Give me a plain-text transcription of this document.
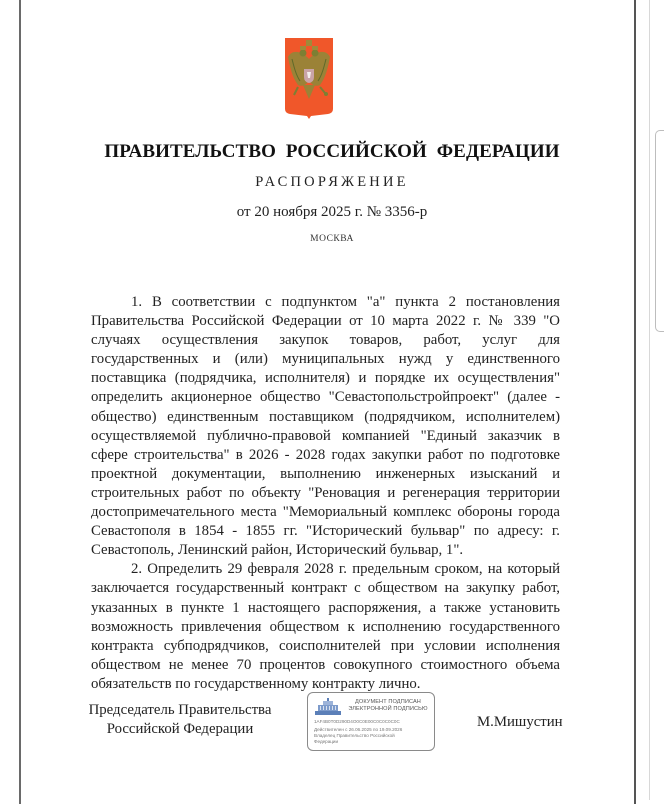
ПРАВИТЕЛЬСТВО РОССИЙСКОЙ ФЕДЕРАЦИИ
РАСПОРЯЖЕНИЕ
от 20 ноября 2025 г. № 3356-р
МОСКВА

1. В соответствии с подпунктом "а" пункта 2 постановления Правительства Российской Федерации от 10 марта 2022 г. № 339 "О случаях осуществления закупок товаров, работ, услуг для государственных и (или) муниципальных нужд у единственного поставщика (подрядчика, исполнителя) и порядке их осуществления" определить акционерное общество "Севастопольстройпроект" (далее - общество) единственным поставщиком (подрядчиком, исполнителем) осуществляемой публично-правовой компанией "Единый заказчик в сфере строительства" в 2026 - 2028 годах закупки работ по подготовке проектной документации, выполнению инженерных изысканий и строительных работ по объекту "Реновация и регенерация территории достопримечательного места "Мемориальный комплекс обороны города Севастополя в 1854 - 1855 гг. "Исторический бульвар" по адресу: г. Севастополь, Ленинский район, Исторический бульвар, 1".

2. Определить 29 февраля 2028 г. предельным сроком, на который заключается государственный контракт с обществом на закупку работ, указанных в пункте 1 настоящего распоряжения, а также установить возможность привлечения обществом к исполнению государственного контракта субподрядчиков, соисполнителей при условии исполнения обществом не менее 70 процентов совокупного стоимостного объема обязательств по государственному контракту лично.

Председатель Правительства
Российской Федерации
ДОКУМЕНТ ПОДПИСАН
ЭЛЕКТРОННОЙ ПОДПИСЬЮ
1АF4В0Т0D290D4О0С0Е00С0С0С0С0С
Действителен с 26.06.2025 по 19.09.2026
Владелец Правительство Российской
Федерации
М.Мишустин
